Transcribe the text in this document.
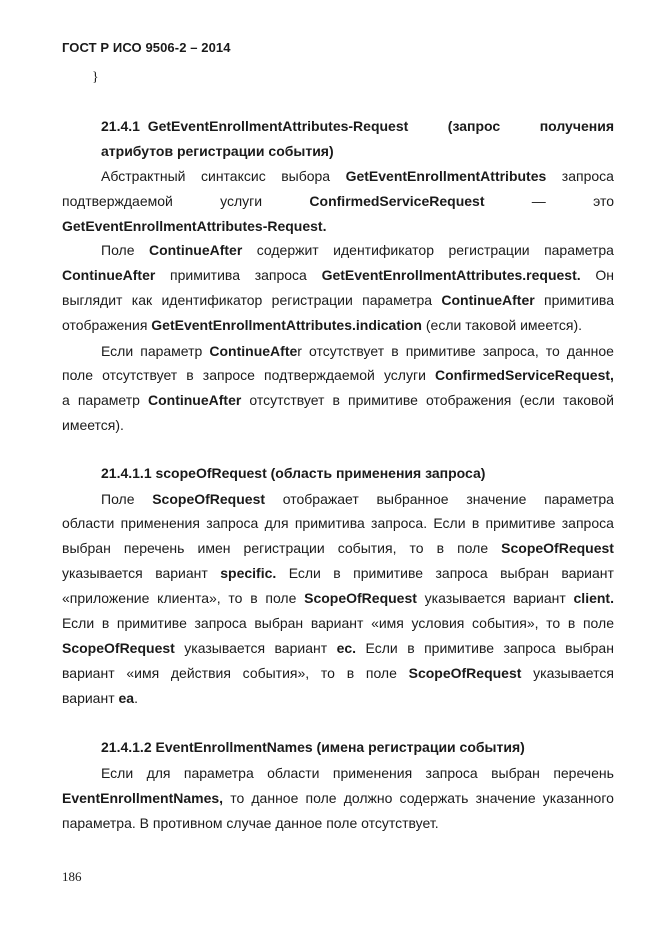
ГОСТ Р ИСО 9506-2 – 2014
}
21.4.1  GetEventEnrollmentAttributes-Request	(запрос	получения
атрибутов регистрации события)
Абстрактный синтаксис выбора GetEventEnrollmentAttributes запроса
подтверждаемой	услуги	ConfirmedServiceRequest	—	это
GetEventEnrollmentAttributes-Request.
Поле ContinueAfter содержит идентификатор регистрации параметра
ContinueAfter примитива запроса GetEventEnrollmentAttributes.request. Он
выглядит как идентификатор регистрации параметра ContinueAfter примитива
отображения GetEventEnrollmentAttributes.indication (если таковой имеется).
Если параметр ContinueAfter отсутствует в примитиве запроса, то данное
поле отсутствует в запросе подтверждаемой услуги ConfirmedServiceRequest,
а параметр ContinueAfter отсутствует в примитиве отображения (если таковой
имеется).
21.4.1.1 scopeOfRequest (область применения запроса)
Поле ScopeOfRequest отображает выбранное значение параметра
области применения запроса для примитива запроса. Если в примитиве запроса
выбран перечень имен регистрации события, то в поле ScopeOfRequest
указывается вариант specific. Если в примитиве запроса выбран вариант
«приложение клиента», то в поле ScopeOfRequest указывается вариант client.
Если в примитиве запроса выбран вариант «имя условия события», то в поле
ScopeOfRequest указывается вариант ec. Если в примитиве запроса выбран
вариант «имя действия события», то в поле ScopeOfRequest указывается
вариант ea.
21.4.1.2 EventEnrollmentNames (имена регистрации события)
Если для параметра области применения запроса выбран перечень
EventEnrollmentNames, то данное поле должно содержать значение указанного
параметра. В противном случае данное поле отсутствует.
186
